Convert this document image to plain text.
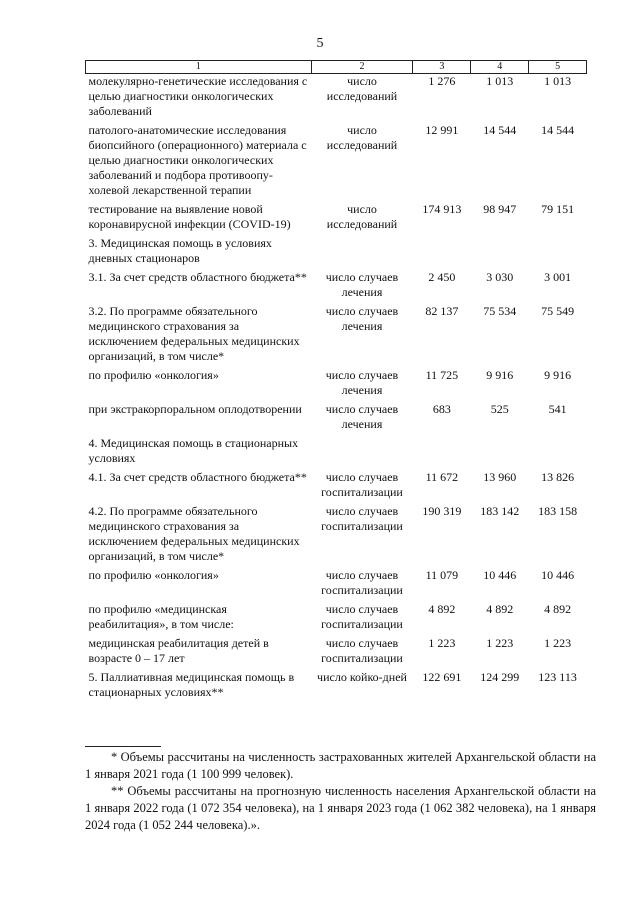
5
1	2	3	4	5
молекулярно-генетические исследования с целью диагностики онкологических заболеваний	число исследований	1 276	1 013	1 013
патолого-анатомические исследования биопсийного (операционного) материала с целью диагностики онкологических заболеваний и подбора противоопу-холевой лекарственной терапии	число исследований	12 991	14 544	14 544
тестирование на выявление новой коронавирусной инфекции (COVID-19)	число исследований	174 913	98 947	79 151
3. Медицинская помощь в условиях дневных стационаров				
3.1. За счет средств областного бюджета**	число случаев лечения	2 450	3 030	3 001
3.2. По программе обязательного медицинского страхования за исключением федеральных медицинских организаций, в том числе*	число случаев лечения	82 137	75 534	75 549
по профилю «онкология»	число случаев лечения	11 725	9 916	9 916
при экстракорпоральном оплодотворении	число случаев лечения	683	525	541
4. Медицинская помощь в стационарных условиях				
4.1. За счет средств областного бюджета**	число случаев госпитализации	11 672	13 960	13 826
4.2. По программе обязательного медицинского страхования за исключением федеральных медицинских организаций, в том числе*	число случаев госпитализации	190 319	183 142	183 158
по профилю «онкология»	число случаев госпитализации	11 079	10 446	10 446
по профилю «медицинская реабилитация», в том числе:	число случаев госпитализации	4 892	4 892	4 892
медицинская реабилитация детей в возрасте 0 – 17 лет	число случаев госпитализации	1 223	1 223	1 223
5. Паллиативная медицинская помощь в стационарных условиях**	число койко-дней	122 691	124 299	123 113

* Объемы рассчитаны на численность застрахованных жителей Архангельской области на 1 января 2021 года (1 100 999 человек).

** Объемы рассчитаны на прогнозную численность населения Архангельской области на 1 января 2022 года (1 072 354 человека), на 1 января 2023 года (1 062 382 человека), на 1 января 2024 года (1 052 244 человека).».
